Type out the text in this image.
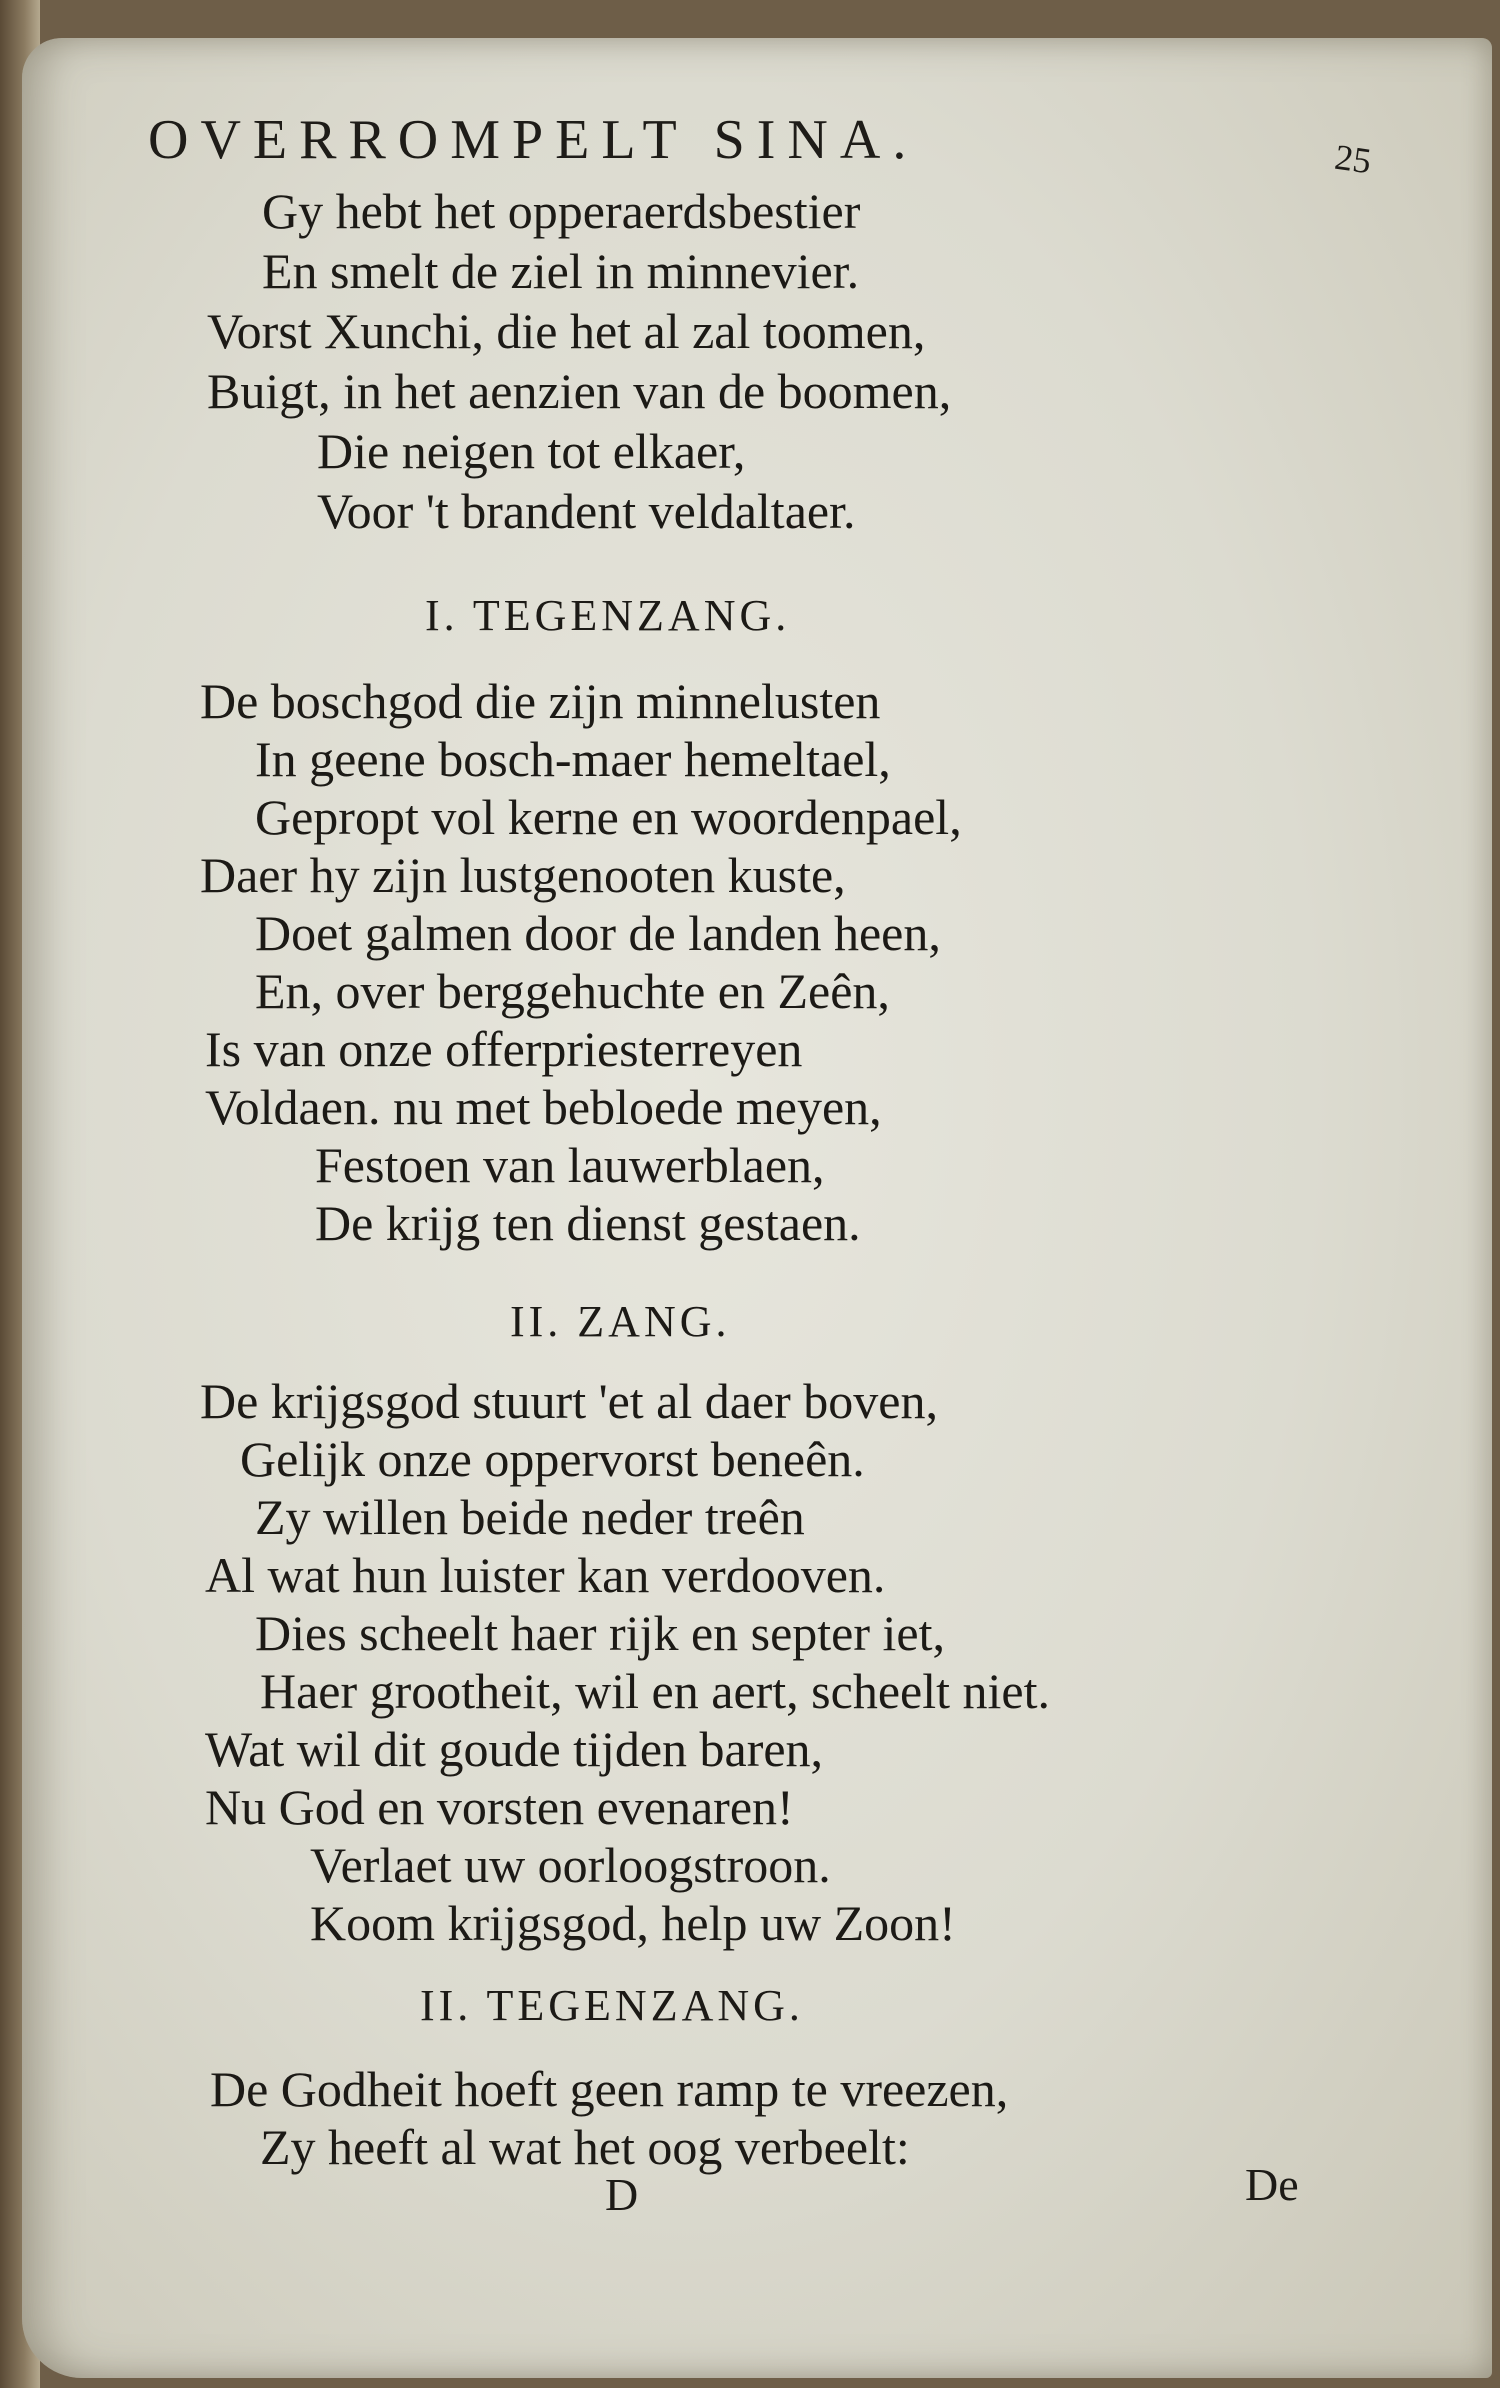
OVERROMPELT SINA.	25
Gy hebt het opperaerdsbestier
En smelt de ziel in minnevier.
Vorst Xunchi, die het al zal toomen,
Buigt, in het aenzien van de boomen,
Die neigen tot elkaer,
Voor 't brandent veldaltaer.
I. TEGENZANG.
De boschgod die zijn minnelusten
In geene bosch-maer hemeltael,
Gepropt vol kerne en woordenpael,
Daer hy zijn lustgenooten kuste,
Doet galmen door de landen heen,
En, over berggehuchte en Zeên,
Is van onze offerpriesterreyen
Voldaen. nu met bebloede meyen,
Festoen van lauwerblaen,
De krijg ten dienst gestaen.
II. ZANG.
De krijgsgod stuurt 'et al daer boven,
Gelijk onze oppervorst beneên.
Zy willen beide neder treên
Al wat hun luister kan verdooven.
Dies scheelt haer rijk en septer iet,
Haer grootheit, wil en aert, scheelt niet.
Wat wil dit goude tijden baren,
Nu God en vorsten evenaren!
Verlaet uw oorloogstroon.
Koom krijgsgod, help uw Zoon!
II. TEGENZANG.
De Godheit hoeft geen ramp te vreezen,
Zy heeft al wat het oog verbeelt:
D	De
